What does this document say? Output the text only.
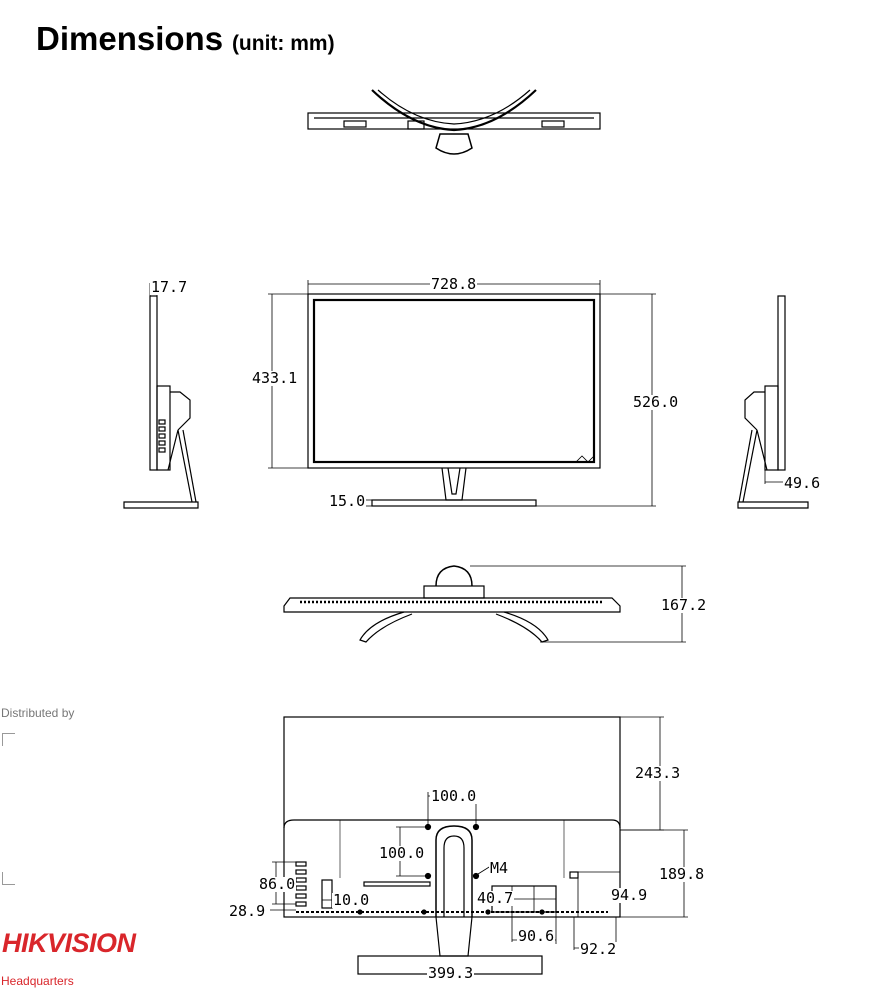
Dimensions (unit: mm)
17.7	728.8
433.1
526.0
15.0
49.6
167.2
243.3
100.0
100.0
M4	189.8
86.0
94.9
40.7
10.0
28.9
90.6
92.2
399.3
Distributed by
HIKVISION
Headquarters
